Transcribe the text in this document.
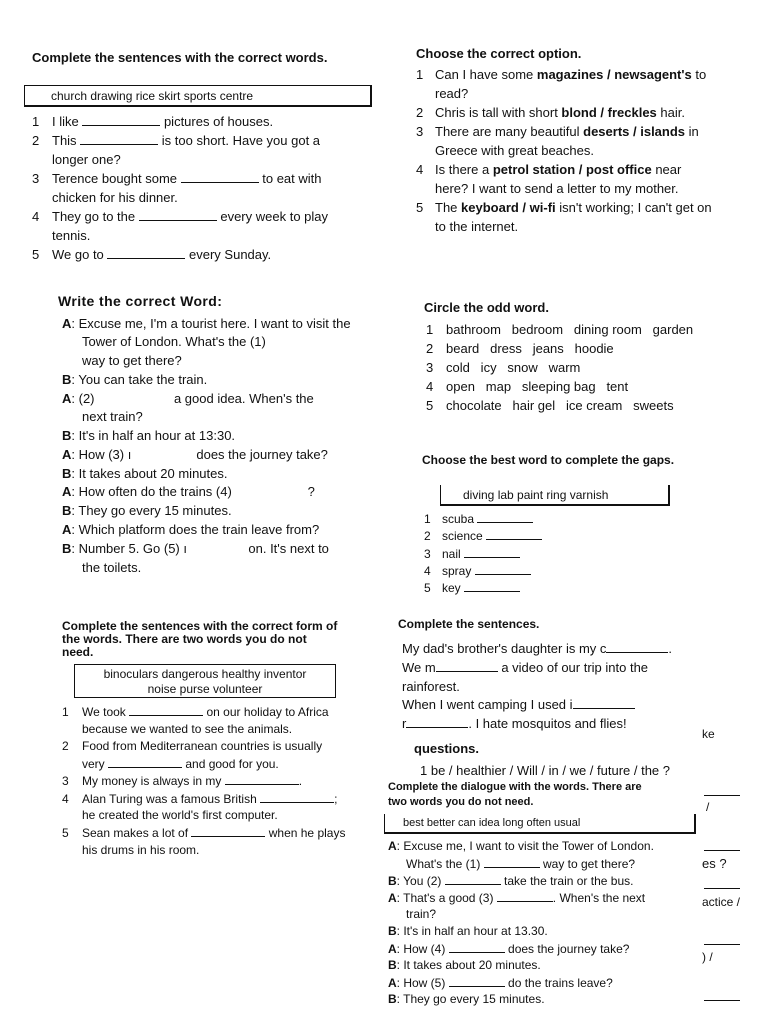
Complete the sentences with the correct words.
church drawing rice skirt sports centre
1 I like	pictures of houses.
2 This	is too short. Have you got a
longer one?
3 Terence bought some	to eat with
chicken for his dinner.
4 They go to the	every week to play
tennis.
5 We go to	every Sunday.
Choose the correct option.
1 Can I have some magazines / newsagent's to
read?
2 Chris is tall with short blond / freckles hair.
3 There are many beautiful deserts / islands in
Greece with great beaches.
4 Is there a petrol station / post office near
here? I want to send a letter to my mother.
5 The keyboard / wi-fi isn't working; I can't get on
to the internet.
Write the correct Word:
A: Excuse me, I'm a tourist here. I want to visit the
Tower of London. What's the (1)
way to get there?
B: You can take the train.
A: (2)                      a good idea. When's the
next train?
B: It's in half an hour at 13:30.
A: How (3) ı                  does the journey take?
B: It takes about 20 minutes.
A: How often do the trains (4)                     ?
B: They go every 15 minutes.
A: Which platform does the train leave from?
B: Number 5. Go (5) ı                 on. It's next to
the toilets.
Circle the odd word.
1 bathroom   bedroom   dining room   garden
2 beard   dress   jeans   hoodie
3 cold   icy   snow   warm
4 open   map   sleeping bag   tent
5 chocolate   hair gel   ice cream   sweets
Choose the best word to complete the gaps.
diving lab paint ring varnish
1 scuba
2 science
3 nail
4 spray
5 key
Complete the sentences with the correct form of
the words. There are two words you do not
need.
binoculars dangerous healthy inventor
noise purse volunteer
1 We took	on our holiday to Africa
because we wanted to see the animals.
2 Food from Mediterranean countries is usually
very	and good for you.
3 My money is always in my	.
4 Alan Turing was a famous British	;
he created the world's first computer.
5 Sean makes a lot of	when he plays
his drums in his room.
Complete the sentences.
My dad's brother's daughter is my c	.
We m	a video of our trip into the
rainforest.
When I went camping I used i
r	. I hate mosquitos and flies!
ke
questions.
1 be / healthier / Will / in / we / future / the ?
Complete the dialogue with the words. There are
two words you do not need.
best better can idea long often usual
A: Excuse me, I want to visit the Tower of London.
What's the (1)	way to get there?
B: You (2)	take the train or the bus.
A: That's a good (3)	. When's the next
train?
B: It's in half an hour at 13.30.
A: How (4)	does the journey take?
B: It takes about 20 minutes.
A: How (5)	do the trains leave?
B: They go every 15 minutes.
/
es ?
actice /
) /
